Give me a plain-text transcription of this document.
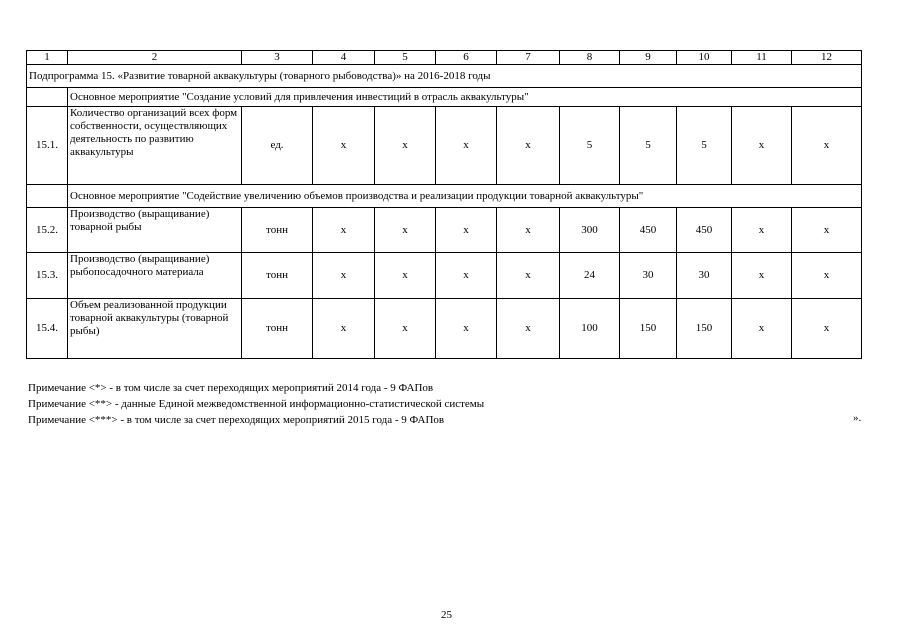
1	2	3	4	5	6	7	8	9	10	11	12
Подпрограмма 15. «Развитие товарной аквакультуры (товарного рыбоводства)» на 2016-2018 годы											
	Основное мероприятие "Создание условий для привлечения инвестиций в отрасль аквакультуры"										
15.1.	Количество организаций всех форм собственности, осуществляющих деятельность по развитию аквакультуры	ед.	х	х	х	х	5	5	5	х	х
	Основное мероприятие "Содействие увеличению объемов производства и реализации продукции товарной аквакультуры"										
15.2.	Производство (выращивание) товарной рыбы	тонн	х	х	х	х	300	450	450	х	х
15.3.	Производство (выращивание) рыбопосадочного материала	тонн	х	х	х	х	24	30	30	х	х
15.4.	Объем реализованной продукции товарной аквакультуры (товарной рыбы)	тонн	х	х	х	х	100	150	150	х	х
Примечание <*> - в том числе за счет переходящих мероприятий 2014 года - 9 ФАПов
Примечание <**> - данные Единой межведомственной информационно-статистической системы
Примечание <***> - в том числе за счет переходящих мероприятий 2015 года - 9 ФАПов	».
25
